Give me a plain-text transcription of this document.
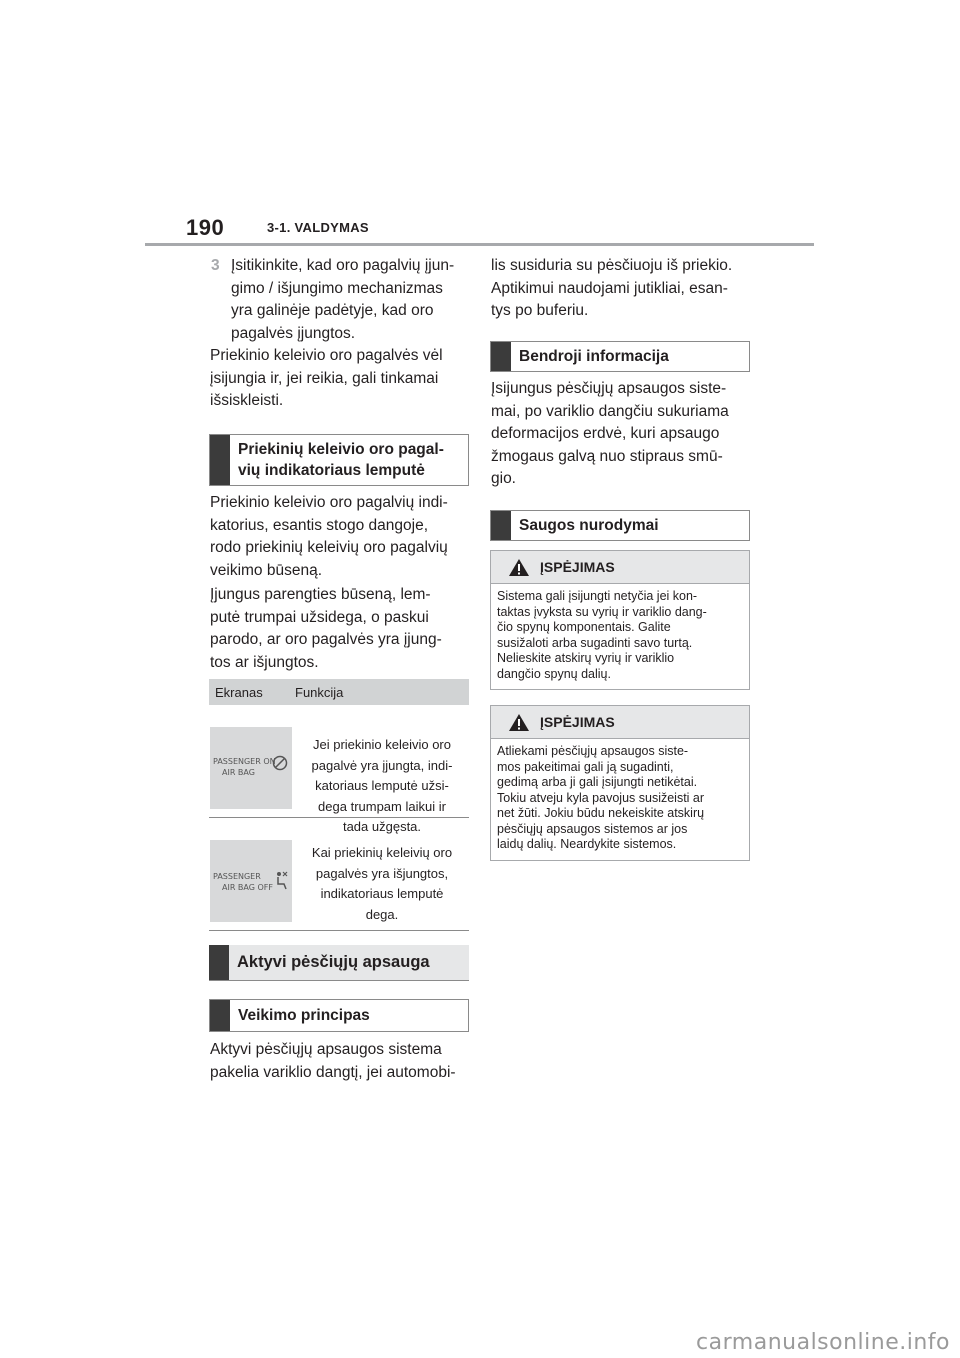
190	3-1. VALDYMAS
3 Įsitikinkite, kad oro pagalvių įjun-
gimo / išjungimo mechanizmas
yra galinėje padėtyje, kad oro
pagalvės įjungtos.
Priekinio keleivio oro pagalvės vėl
įsijungia ir, jei reikia, gali tinkamai
išsiskleisti.
Priekinių keleivio oro pagal-
vių indikatoriaus lemputė
Priekinio keleivio oro pagalvių indi-
katorius, esantis stogo dangoje,
rodo priekinių keleivių oro pagalvių
veikimo būseną.
Įjungus parengties būseną, lem-
putė trumpai užsidega, o paskui
parodo, ar oro pagalvės yra įjung-
tos ar išjungtos.
Ekranas Funkcija
PASSENGER ON
AIR BAG
Jei priekinio keleivio oro
pagalvė yra įjungta, indi-
katoriaus lemputė užsi-
dega trumpam laikui ir
tada užgęsta.
PASSENGER
AIR BAG OFF
Kai priekinių keleivių oro
pagalvės yra išjungtos,
indikatoriaus lemputė
dega.
Aktyvi pėsčiųjų apsauga
Veikimo principas
Aktyvi pėsčiųjų apsaugos sistema
pakelia variklio dangtį, jei automobi-
lis susiduria su pėsčiuoju iš priekio.
Aptikimui naudojami jutikliai, esan-
tys po buferiu.
Bendroji informacija
Įsijungus pėsčiųjų apsaugos siste-
mai, po variklio dangčiu sukuriama
deformacijos erdvė, kuri apsaugo
žmogaus galvą nuo stipraus smū-
gio.
Saugos nurodymai
ĮSPĖJIMAS
Sistema gali įsijungti netyčia jei kon-
taktas įvyksta su vyrių ir variklio dang-
čio spynų komponentais. Galite
susižaloti arba sugadinti savo turtą.
Nelieskite atskirų vyrių ir variklio
dangčio spynų dalių.
ĮSPĖJIMAS
Atliekami pėsčiųjų apsaugos siste-
mos pakeitimai gali ją sugadinti,
gedimą arba ji gali įsijungti netikėtai.
Tokiu atveju kyla pavojus susižeisti ar
net žūti. Jokiu būdu nekeiskite atskirų
pėsčiųjų apsaugos sistemos ar jos
laidų dalių. Neardykite sistemos.
carmanualsonline.info
